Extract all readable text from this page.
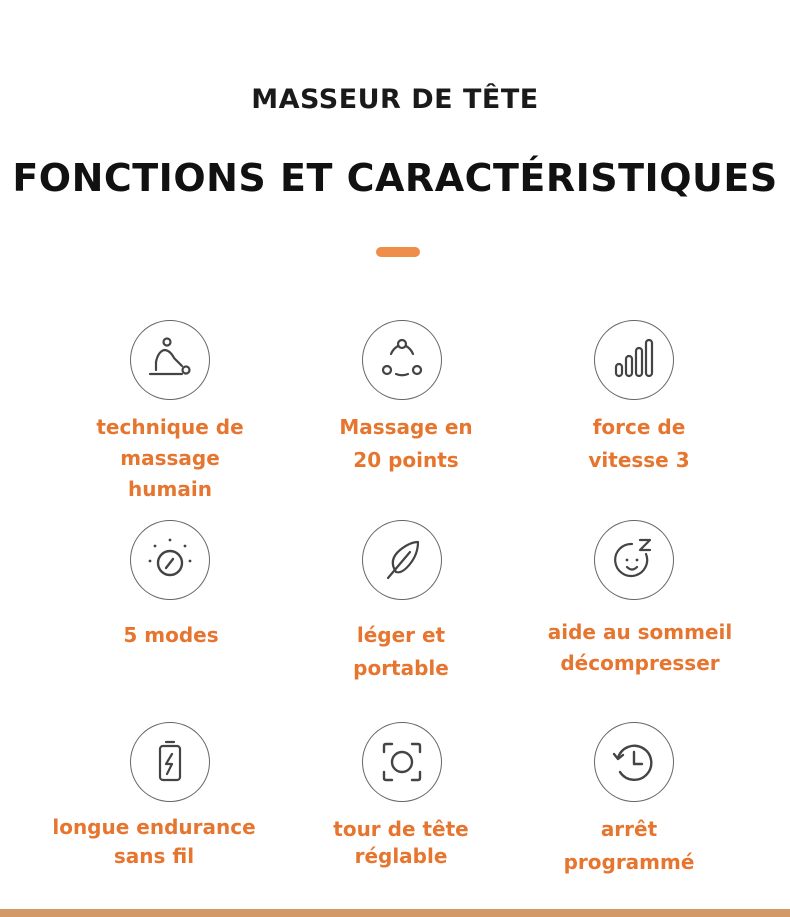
MASSEUR DE TÊTE
FONCTIONS ET CARACTÉRISTIQUES
technique de
massage
humain
Massage en
20 points
force de
vitesse 3
5 modes	léger et
portable
aide au sommeil
décompresser
longue endurance
sans fil
tour de tête
réglable
arrêt
programmé
